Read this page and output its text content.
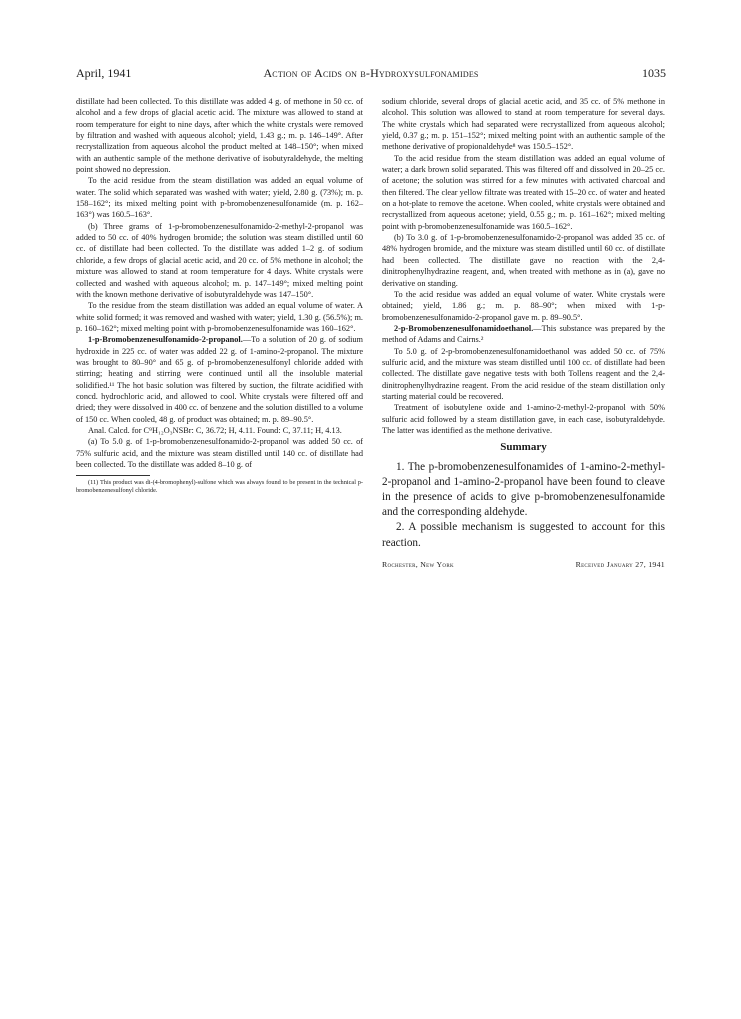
April, 1941	Action of Acids on β-Hydroxysulfonamides	1035

distillate had been collected. To this distillate was added 4 g. of methone in 50 cc. of alcohol and a few drops of glacial acetic acid. The mixture was allowed to stand at room temperature for eight to nine days, after which the white crystals were removed by filtration and washed with aqueous alcohol; yield, 1.43 g.; m. p. 146–149°. After recrystallization from aqueous alcohol the product melted at 148–150°; when mixed with an authentic sample of the methone derivative of isobutyraldehyde, the melting point showed no depression.

To the acid residue from the steam distillation was added an equal volume of water. The solid which separated was washed with water; yield, 2.80 g. (73%); m. p. 158–162°; its mixed melting point with p-bromobenzenesulfonamide (m. p. 162–163°) was 160.5–163°.

(b) Three grams of 1-p-bromobenzenesulfonamido-2-methyl-2-propanol was added to 50 cc. of 40% hydrogen bromide; the solution was steam distilled until 60 cc. of distillate had been collected. To the distillate was added 1–2 g. of sodium chloride, a few drops of glacial acetic acid, and 20 cc. of 5% methone in alcohol; the mixture was allowed to stand at room temperature for 4 days. White crystals were collected and washed with aqueous alcohol; m. p. 147–149°; mixed melting point with the known methone derivative of isobutyraldehyde was 147–150°.

To the residue from the steam distillation was added an equal volume of water. A white solid formed; it was removed and washed with water; yield, 1.30 g. (56.5%); m. p. 160–162°; mixed melting point with p-bromobenzenesulfonamide was 160–162°.

1-p-Bromobenzenesulfonamido-2-propanol.—To a solution of 20 g. of sodium hydroxide in 225 cc. of water was added 22 g. of 1-amino-2-propanol. The mixture was brought to 80–90° and 65 g. of p-bromobenzenesulfonyl chloride added with stirring; heating and stirring were continued until all the insoluble material solidified.¹¹ The hot basic solution was filtered by suction, the filtrate acidified with concd. hydrochloric acid, and allowed to cool. White crystals were filtered off and dried; they were dissolved in 400 cc. of benzene and the solution distilled to a volume of 150 cc. When cooled, 48 g. of product was obtained; m. p. 89–90.5°.

Anal. Calcd. for C⁹H₁₂O₃NSBr: C, 36.72; H, 4.11. Found: C, 37.11; H, 4.13.

(a) To 5.0 g. of 1-p-bromobenzenesulfonamido-2-propanol was added 50 cc. of 75% sulfuric acid, and the mixture was steam distilled until 140 cc. of distillate had been collected. To the distillate was added 8–10 g. of

(11) This product was di-(4-bromophenyl)-sulfone which was always found to be present in the technical p-bromobenzenesulfonyl chloride.

sodium chloride, several drops of glacial acetic acid, and 35 cc. of 5% methone in alcohol. This solution was allowed to stand at room temperature for several days. The white crystals which had separated were recrystallized from aqueous alcohol; yield, 0.37 g.; m. p. 151–152°; mixed melting point with an authentic sample of the methone derivative of propionaldehyde⁸ was 150.5–152°.

To the acid residue from the steam distillation was added an equal volume of water; a dark brown solid separated. This was filtered off and dissolved in 20–25 cc. of acetone; the solution was stirred for a few minutes with activated charcoal and then filtered. The clear yellow filtrate was treated with 15–20 cc. of water and heated on a hot-plate to remove the acetone. When cooled, white crystals were obtained and recrystallized from aqueous acetone; yield, 0.55 g.; m. p. 161–162°; mixed melting point with p-bromobenzenesulfonamide was 160.5–162°.

(b) To 3.0 g. of 1-p-bromobenzenesulfonamido-2-propanol was added 35 cc. of 48% hydrogen bromide, and the mixture was steam distilled until 60 cc. of distillate had been collected. The distillate gave no reaction with the 2,4-dinitrophenylhydrazine reagent, and, when treated with methone as in (a), gave no derivative on standing.

To the acid residue was added an equal volume of water. White crystals were obtained; yield, 1.86 g.; m. p. 88–90°; when mixed with 1-p-bromobenzenesulfonamido-2-propanol gave m. p. 89–90.5°.

2-p-Bromobenzenesulfonamidoethanol.—This substance was prepared by the method of Adams and Cairns.²

To 5.0 g. of 2-p-bromobenzenesulfonamidoethanol was added 50 cc. of 75% sulfuric acid, and the mixture was steam distilled until 100 cc. of distillate had been collected. The distillate gave negative tests with both Tollens reagent and the 2,4-dinitrophenylhydrazine reagent. From the acid residue of the steam distillation only starting material could be recovered.

Treatment of isobutylene oxide and 1-amino-2-methyl-2-propanol with 50% sulfuric acid followed by a steam distillation gave, in each case, isobutyraldehyde. The latter was identified as the methone derivative.

Summary

1. The p-bromobenzenesulfonamides of 1-amino-2-methyl-2-propanol and 1-amino-2-propanol have been found to cleave in the presence of acids to give p-bromobenzenesulfonamide and the corresponding aldehyde.

2. A possible mechanism is suggested to account for this reaction.

Rochester, New York	Received January 27, 1941
